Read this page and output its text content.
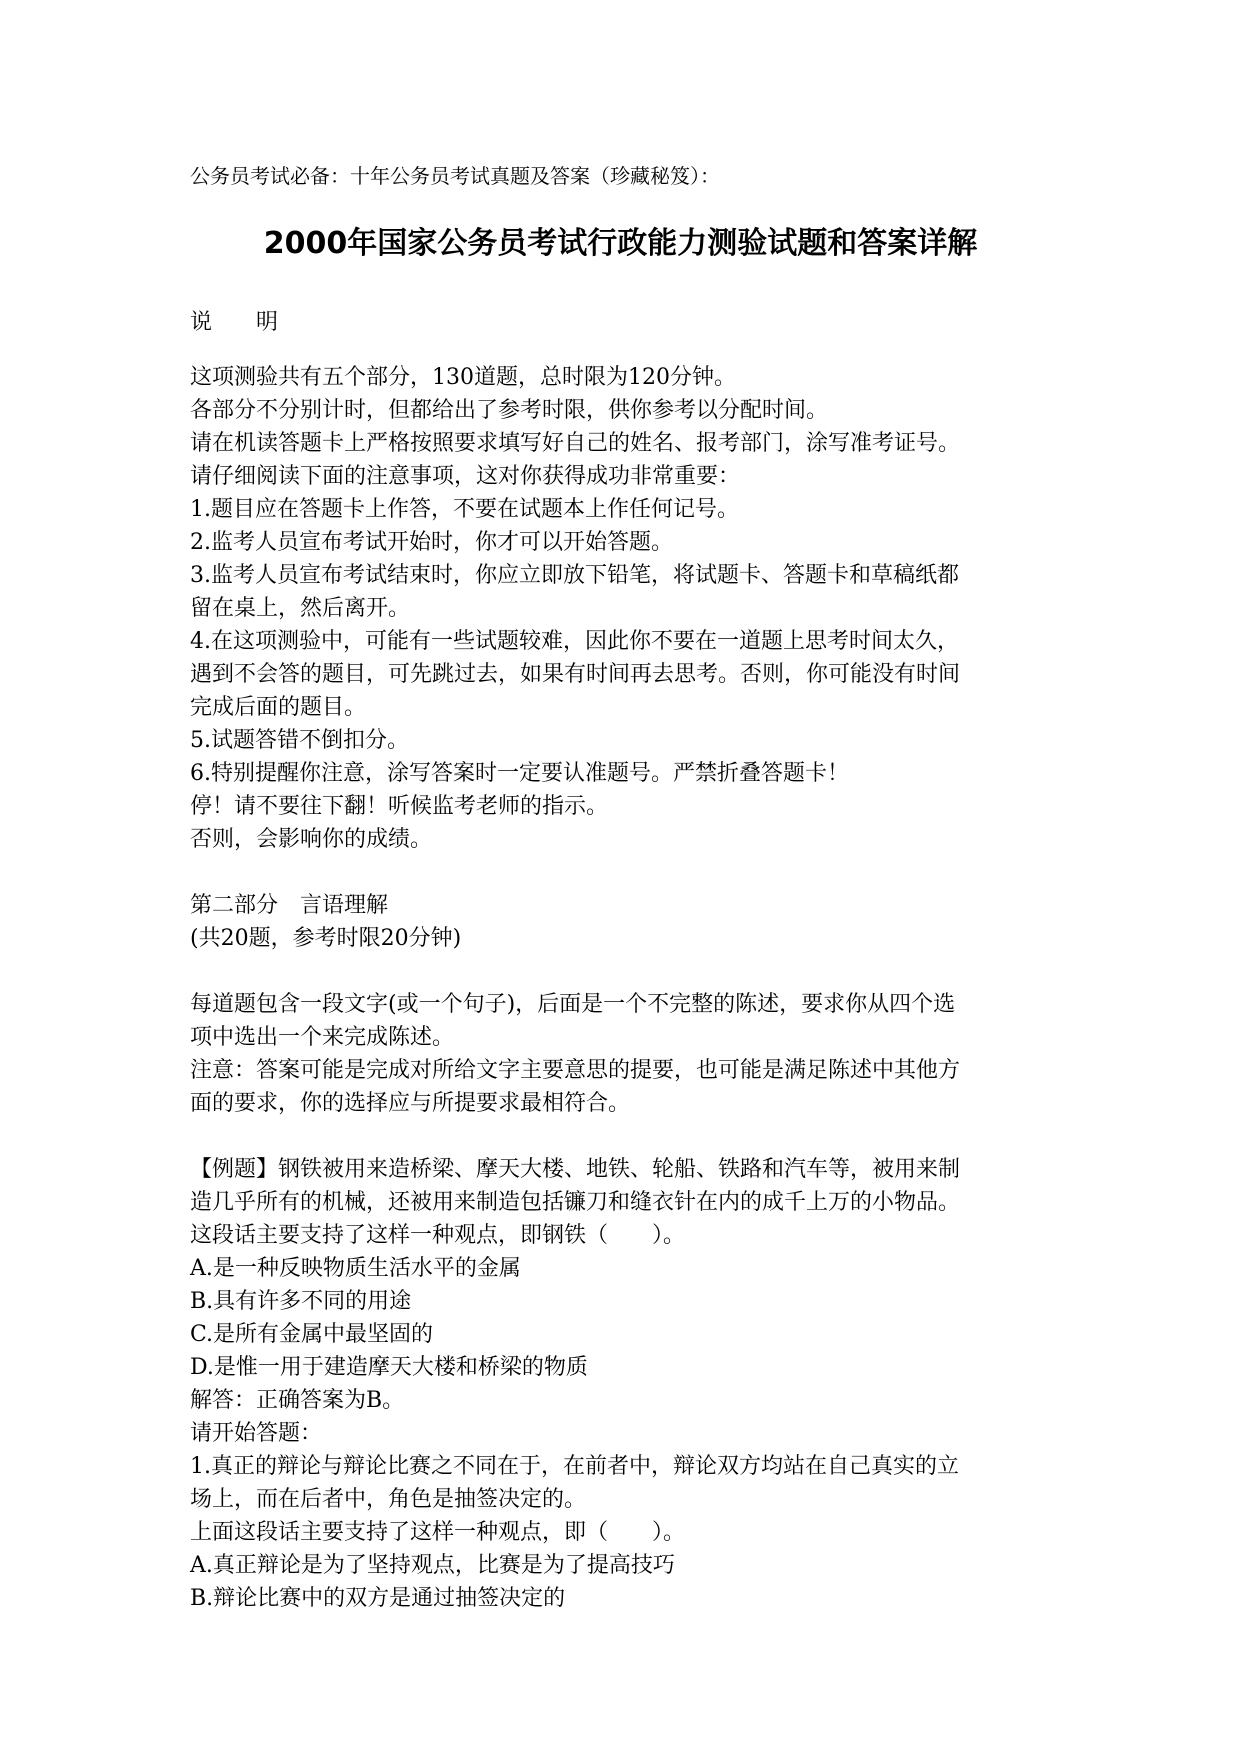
公务员考试必备：十年公务员考试真题及答案（珍藏秘笈）：
2000年国家公务员考试行政能力测验试题和答案详解
说　　明
这项测验共有五个部分，130道题，总时限为120分钟。
各部分不分别计时，但都给出了参考时限，供你参考以分配时间。
请在机读答题卡上严格按照要求填写好自己的姓名、报考部门，涂写准考证号。
请仔细阅读下面的注意事项，这对你获得成功非常重要：
1.题目应在答题卡上作答，不要在试题本上作任何记号。
2.监考人员宣布考试开始时，你才可以开始答题。
3.监考人员宣布考试结束时，你应立即放下铅笔，将试题卡、答题卡和草稿纸都
留在桌上，然后离开。
4.在这项测验中，可能有一些试题较难，因此你不要在一道题上思考时间太久，
遇到不会答的题目，可先跳过去，如果有时间再去思考。否则，你可能没有时间
完成后面的题目。
5.试题答错不倒扣分。
6.特别提醒你注意，涂写答案时一定要认准题号。严禁折叠答题卡！
停！请不要往下翻！听候监考老师的指示。
否则，会影响你的成绩。
第二部分　言语理解
(共20题，参考时限20分钟)
每道题包含一段文字(或一个句子)，后面是一个不完整的陈述，要求你从四个选
项中选出一个来完成陈述。
注意：答案可能是完成对所给文字主要意思的提要，也可能是满足陈述中其他方
面的要求，你的选择应与所提要求最相符合。
【例题】钢铁被用来造桥梁、摩天大楼、地铁、轮船、铁路和汽车等，被用来制
造几乎所有的机械，还被用来制造包括镰刀和缝衣针在内的成千上万的小物品。
这段话主要支持了这样一种观点，即钢铁（　　）。
A.是一种反映物质生活水平的金属
B.具有许多不同的用途
C.是所有金属中最坚固的
D.是惟一用于建造摩天大楼和桥梁的物质
解答：正确答案为B。
请开始答题：
1.真正的辩论与辩论比赛之不同在于，在前者中，辩论双方均站在自己真实的立
场上，而在后者中，角色是抽签决定的。
上面这段话主要支持了这样一种观点，即（　　）。
A.真正辩论是为了坚持观点，比赛是为了提高技巧
B.辩论比赛中的双方是通过抽签决定的
